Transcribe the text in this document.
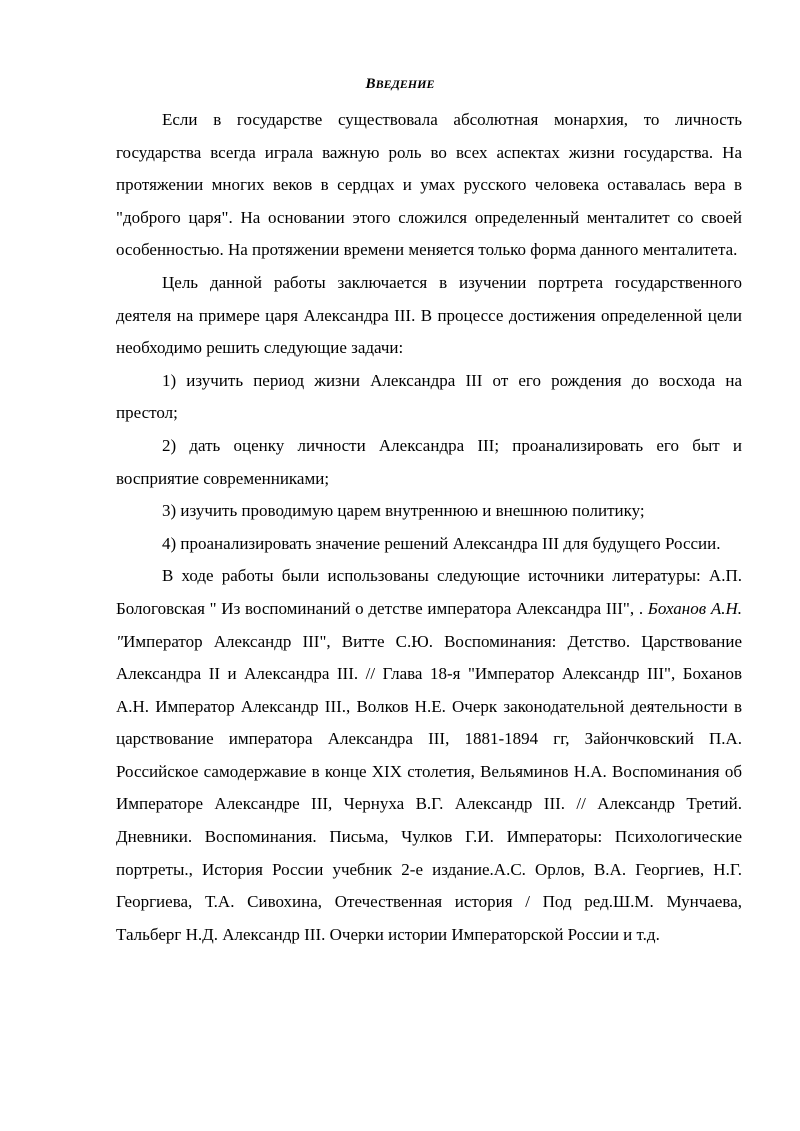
ВВЕДЕНИЕ

Если в государстве существовала абсолютная монархия, то личность государства всегда играла важную роль во всех аспектах жизни государства. На протяжении многих веков в сердцах и умах русского человека оставалась вера в "доброго царя". На основании этого сложился определенный менталитет со своей особенностью. На протяжении времени меняется только форма данного менталитета.

Цель данной работы заключается в изучении портрета государственного деятеля на примере царя Александра III. В процессе достижения определенной цели необходимо решить следующие задачи:

1) изучить период жизни Александра III от его рождения до восхода на престол;

2) дать оценку личности Александра III; проанализировать его быт и восприятие современниками;

3) изучить проводимую царем внутреннюю и внешнюю политику;

4) проанализировать значение решений Александра III для будущего России.

В ходе работы были использованы следующие источники литературы: А.П. Бологовская " Из воспоминаний о детстве императора Александра III", . Боханов А.Н. "Император Александр III", Витте С.Ю. Воспоминания: Детство. Царствование Александра II и Александра III. // Глава 18-я "Император Александр III", Боханов А.Н. Император Александр III., Волков Н.Е. Очерк законодательной деятельности в царствование императора Александра III, 1881-1894 гг, Зайончковский П.А. Российское самодержавие в конце XIX столетия, Вельяминов Н.А. Воспоминания об Императоре Александре III, Чернуха В.Г. Александр III. // Александр Третий. Дневники. Воспоминания. Письма, Чулков Г.И. Императоры: Психологические портреты., История России учебник 2-е издание.А.С. Орлов, В.А. Георгиев, Н.Г. Георгиева, Т.А. Сивохина, Отечественная история / Под ред.Ш.М. Мунчаева, Тальберг Н.Д. Александр III. Очерки истории Императорской России и т.д.
